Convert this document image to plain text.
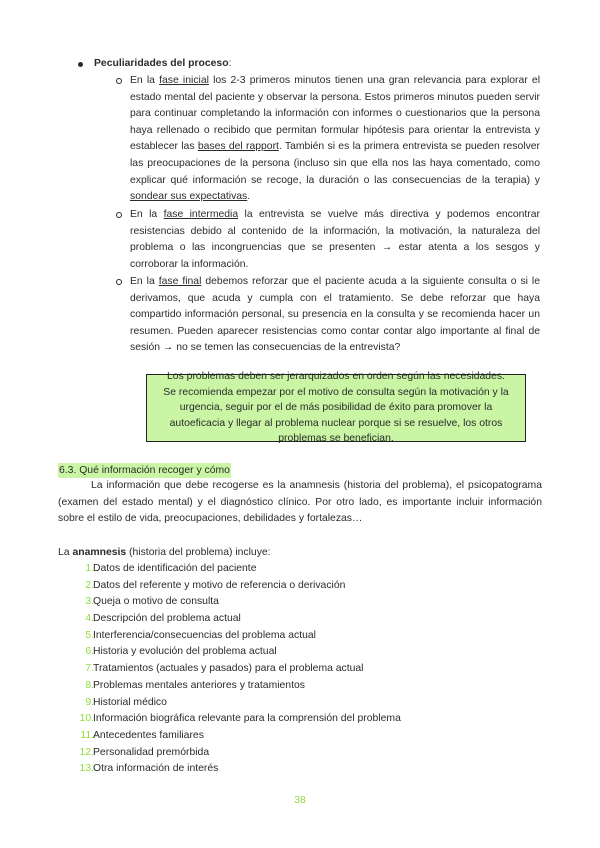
Peculiaridades del proceso:
En la fase inicial los 2-3 primeros minutos tienen una gran relevancia para explorar el estado mental del paciente y observar la persona. Estos primeros minutos pueden servir para continuar completando la información con informes o cuestionarios que la persona haya rellenado o recibido que permitan formular hipótesis para orientar la entrevista y establecer las bases del rapport. También si es la primera entrevista se pueden resolver las preocupaciones de la persona (incluso sin que ella nos las haya comentado, como explicar qué información se recoge, la duración o las consecuencias de la terapia) y sondear sus expectativas.
En la fase intermedia la entrevista se vuelve más directiva y podemos encontrar resistencias debido al contenido de la información, la motivación, la naturaleza del problema o las incongruencias que se presenten → estar atenta a los sesgos y corroborar la información.
En la fase final debemos reforzar que el paciente acuda a la siguiente consulta o si le derivamos, que acuda y cumpla con el tratamiento. Se debe reforzar que haya compartido información personal, su presencia en la consulta y se recomienda hacer un resumen. Pueden aparecer resistencias como contar contar algo importante al final de sesión → no se temen las consecuencias de la entrevista?
Los problemas deben ser jerarquizados en orden según las necesidades. Se recomienda empezar por el motivo de consulta según la motivación y la urgencia, seguir por el de más posibilidad de éxito para promover la autoeficacia y llegar al problema nuclear porque si se resuelve, los otros problemas se benefician.
6.3. Qué información recoger y cómo
La información que debe recogerse es la anamnesis (historia del problema), el psicopatograma (examen del estado mental) y el diagnóstico clínico. Por otro lado, es importante incluir información sobre el estilo de vida, preocupaciones, debilidades y fortalezas…
La anamnesis (historia del problema) incluye:
1. Datos de identificación del paciente
2. Datos del referente y motivo de referencia o derivación
3. Queja o motivo de consulta
4. Descripción del problema actual
5. Interferencia/consecuencias del problema actual
6. Historia y evolución del problema actual
7. Tratamientos (actuales y pasados) para el problema actual
8. Problemas mentales anteriores y tratamientos
9. Historial médico
10. Información biográfica relevante para la comprensión del problema
11. Antecedentes familiares
12. Personalidad premórbida
13. Otra información de interés
38
